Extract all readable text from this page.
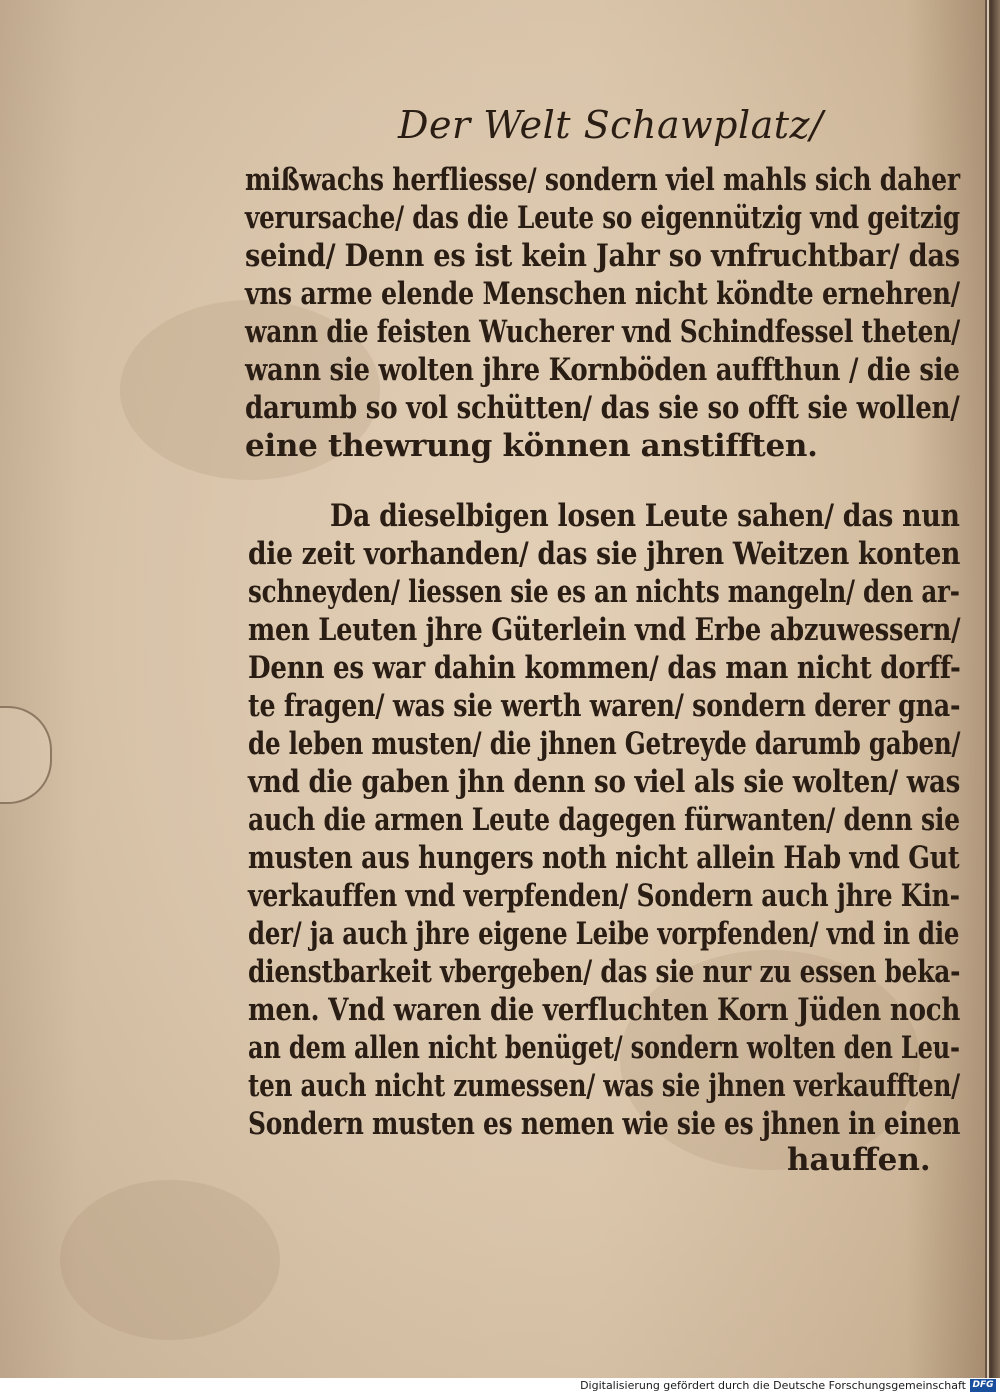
Der Welt Schawplatz/
mißwachs herfliesse/ sondern viel mahls sich daher
verursache/ das die Leute so eigennützig vnd geitzig
seind/ Denn es ist kein Jahr so vnfruchtbar/ das
vns arme elende Menschen nicht köndte ernehren/
wann die feisten Wucherer vnd Schindfessel theten/
wann sie wolten jhre Kornböden auffthun / die sie
darumb so vol schütten/ das sie so offt sie wollen/
eine thewrung können anstifften.
Da dieselbigen losen Leute sahen/ das nun
die zeit vorhanden/ das sie jhren Weitzen konten
schneyden/ liessen sie es an nichts mangeln/ den ar-
men Leuten jhre Güterlein vnd Erbe abzuwessern/
Denn es war dahin kommen/ das man nicht dorff-
te fragen/ was sie werth waren/ sondern derer gna-
de leben musten/ die jhnen Getreyde darumb gaben/
vnd die gaben jhn denn so viel als sie wolten/ was
auch die armen Leute dagegen fürwanten/ denn sie
musten aus hungers noth nicht allein Hab vnd Gut
verkauffen vnd verpfenden/ Sondern auch jhre Kin-
der/ ja auch jhre eigene Leibe vorpfenden/ vnd in die
dienstbarkeit vbergeben/ das sie nur zu essen beka-
men. Vnd waren die verfluchten Korn Jüden noch
an dem allen nicht benüget/ sondern wolten den Leu-
ten auch nicht zumessen/ was sie jhnen verkaufften/
Sondern musten es nemen wie sie es jhnen in einen
hauffen.
Digitalisierung gefördert durch die Deutsche Forschungsgemeinschaft DFG
